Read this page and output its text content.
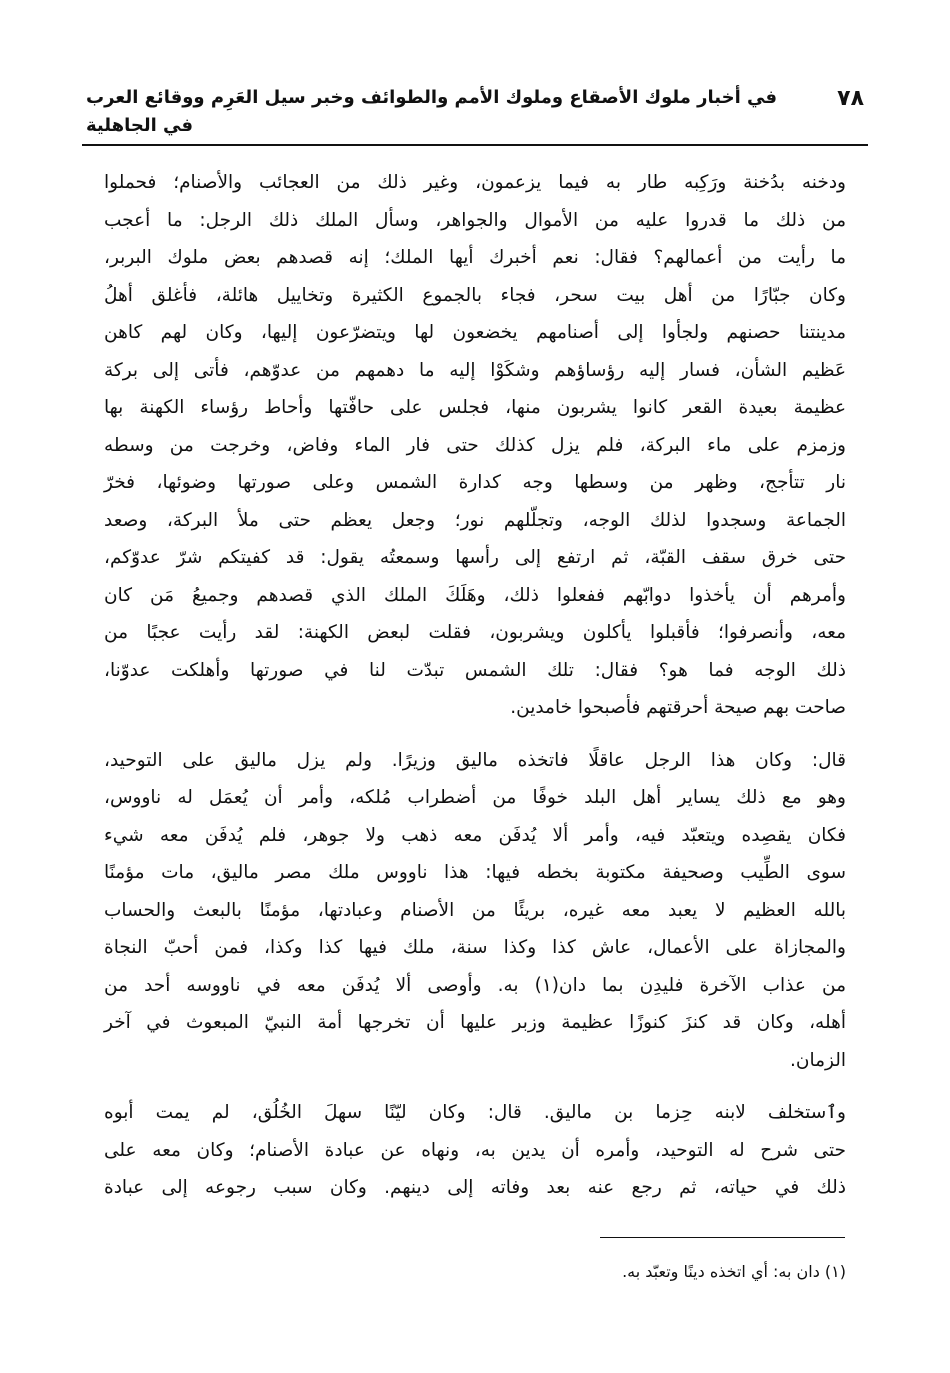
٧٨
في أخبار ملوك الأصقاع وملوك الأمم والطوائف وخبر سيل العَرِم ووقائع العرب في الجاهلية
ودخنه بدُخنة ورَكِبه طار به فيما يزعمون، وغير ذلك من العجائب والأصنام؛ فحملوا
من ذلك ما قدروا عليه من الأموال والجواهر، وسأل الملك ذلك الرجل: ما أعجب
ما رأيت من أعمالهم؟ فقال: نعم أخبرك أيها الملك؛ إنه قصدهم بعض ملوك البربر،
وكان جبّارًا من أهل بيت سحر، فجاء بالجموع الكثيرة وتخاييل هائلة، فأغلق أهلُ
مدينتنا حصنهم ولجأوا إلى أصنامهم يخضعون لها ويتضرّعون إليها، وكان لهم كاهن
عَظيم الشأن، فسار إليه رؤساؤهم وشكَوْا إليه ما دهمهم من عدوّهم، فأتى إلى بركة
عظيمة بعيدة القعر كانوا يشربون منها، فجلس على حافّتها وأحاط رؤساء الكهنة بها
وزمزم على ماء البركة، فلم يزل كذلك حتى فار الماء وفاض، وخرجت من وسطه
نار تتأجج، وظهر من وسطها وجه كدارة الشمس وعلى صورتها وضوئها، فخرّ
الجماعة وسجدوا لذلك الوجه، وتجلّلهم نور؛ وجعل يعظم حتى ملأ البركة، وصعد
حتى خرق سقف القبّة، ثم ارتفع إلى رأسها وسمعتُه يقول: قد كفيتكم شرّ عدوّكم،
وأمرهم أن يأخذوا دوابّهم ففعلوا ذلك، وهَلَكَ الملك الذي قصدهم وجميعُ مَن كان
معه، وأنصرفوا؛ فأقبلوا يأكلون ويشربون، فقلت لبعض الكهنة: لقد رأيت عجبًا من
ذلك الوجه فما هو؟ فقال: تلك الشمس تبدّت لنا في صورتها وأهلكت عدوّنا،
صاحت بهم صيحة أحرقتهم فأصبحوا خامدين.
قال: وكان هذا الرجل عاقلًا فاتخذه ماليق وزيرًا. ولم يزل ماليق على التوحيد،
وهو مع ذلك يساير أهل البلد خوفًا من أضطراب مُلكه، وأمر أن يُعمَل له ناووس،
فكان يقصِده ويتعبّد فيه، وأمر ألا يُدفَن معه ذهب ولا جوهر، فلم يُدفَن معه شيء
سوى الطِّيب وصحيفة مكتوبة بخطه فيها: هذا ناووس ملك مصر ماليق، مات مؤمنًا
بالله العظيم لا يعبد معه غيره، بريئًا من الأصنام وعبادتها، مؤمنًا بالبعث والحساب
والمجازاة على الأعمال، عاش كذا وكذا سنة، ملك فيها كذا وكذا، فمن أحبّ النجاة
من عذاب الآخرة فليدِن بما دان(١) به. وأوصى ألا يُدفَن معه في ناووسه أحد من
أهله، وكان قد كنزَ كنوزًا عظيمة وزبر عليها أن تخرجها أمة النبيّ المبعوث في آخر
الزمان.
وٱستخلف لابنه حِزما بن ماليق. قال: وكان ليّنًا سهلَ الخُلُق، لم يمت أبوه
حتى شرح له التوحيد، وأمره أن يدين به، ونهاه عن عبادة الأصنام؛ وكان معه على
ذلك في حياته، ثم رجع عنه بعد وفاته إلى دينهم. وكان سبب رجوعه إلى عبادة
(١) دان به: أي اتخذه دينًا وتعبّد به.
